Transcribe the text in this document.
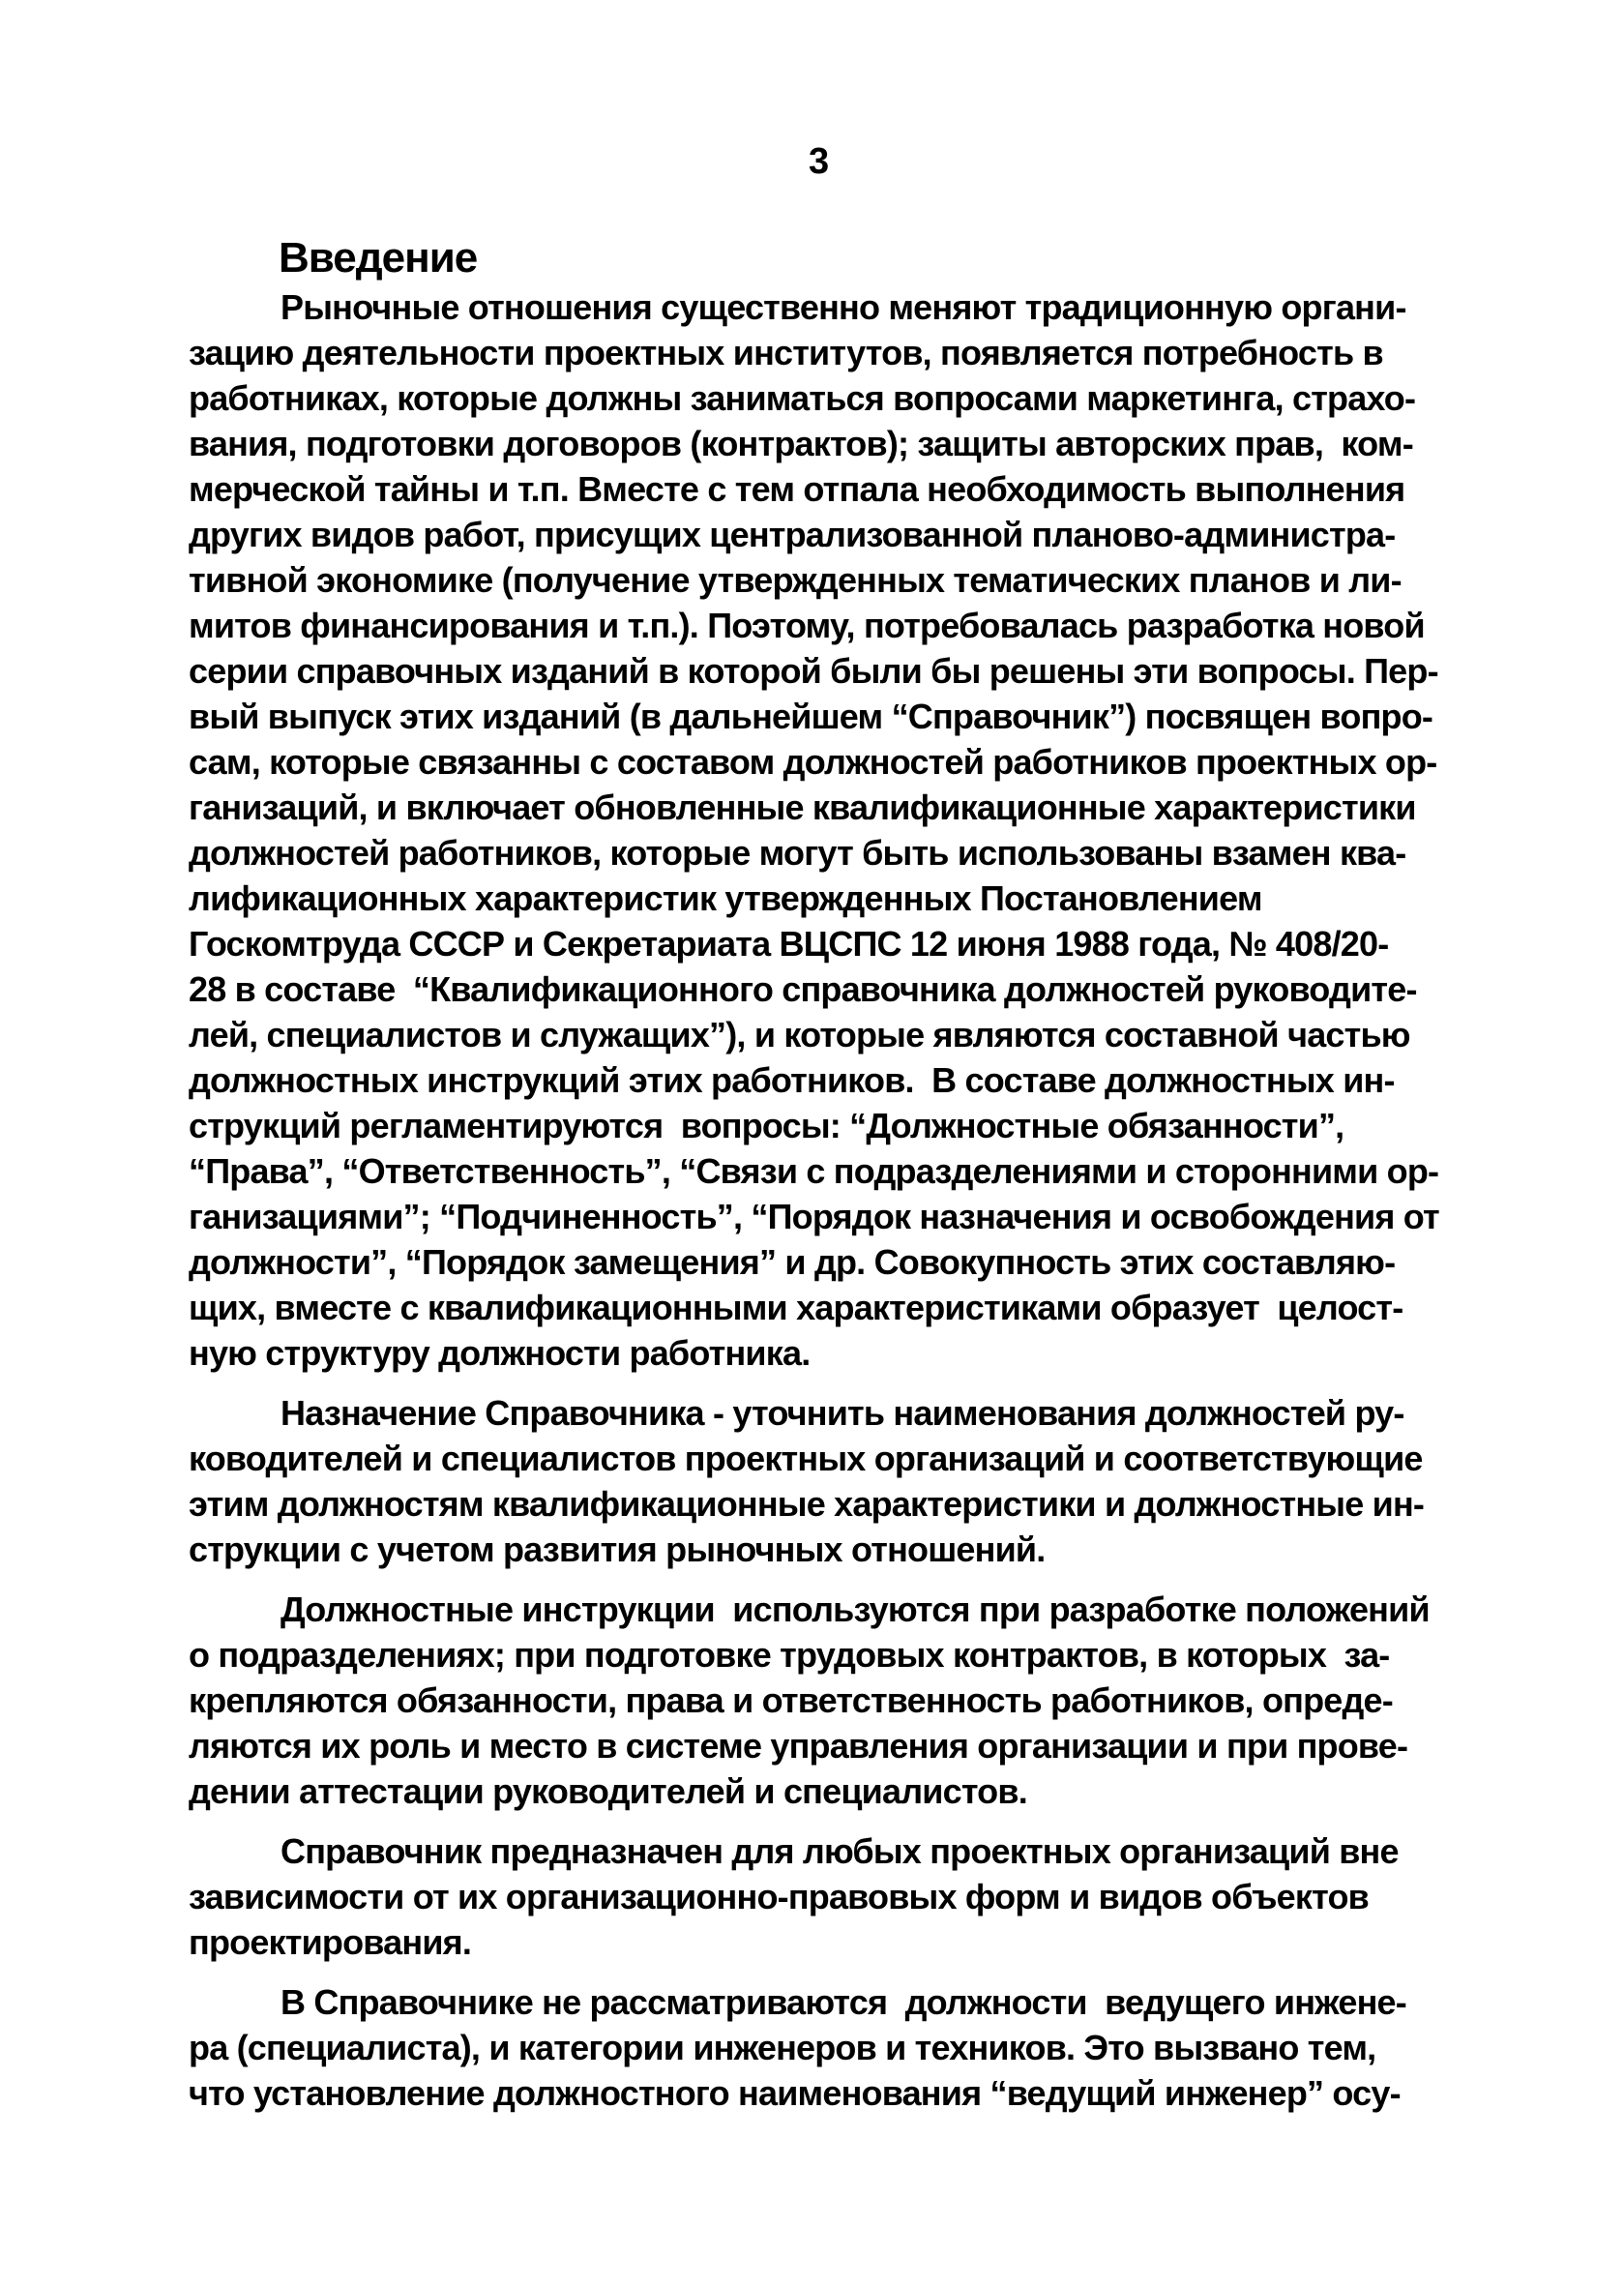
3
Введение
Рыночные отношения существенно меняют традиционную органи-
зацию деятельности проектных институтов, появляется потребность в
работниках, которые должны заниматься вопросами маркетинга, страхо-
вания, подготовки договоров (контрактов); защиты авторских прав,  ком-
мерческой тайны и т.п. Вместе с тем отпала необходимость выполнения
других видов работ, присущих централизованной планово-администра-
тивной экономике (получение утвержденных тематических планов и ли-
митов финансирования и т.п.). Поэтому, потребовалась разработка новой
серии справочных изданий в которой были бы решены эти вопросы. Пер-
вый выпуск этих изданий (в дальнейшем “Справочник”) посвящен вопро-
сам, которые связанны с составом должностей работников проектных ор-
ганизаций, и включает обновленные квалификационные характеристики
должностей работников, которые могут быть использованы взамен ква-
лификационных характеристик утвержденных Постановлением
Госкомтруда СССР и Секретариата ВЦСПС 12 июня 1988 года, № 408/20-
28 в составе  “Квалификационного справочника должностей руководите-
лей, специалистов и служащих”), и которые являются составной частью
должностных инструкций этих работников.  В составе должностных ин-
струкций регламентируются  вопросы: “Должностные обязанности”,
“Права”, “Ответственность”, “Связи с подразделениями и сторонними ор-
ганизациями”; “Подчиненность”, “Порядок назначения и освобождения от
должности”, “Порядок замещения” и др. Совокупность этих составляю-
щих, вместе с квалификационными характеристиками образует  целост-
ную структуру должности работника.
Назначение Справочника - уточнить наименования должностей ру-
ководителей и специалистов проектных организаций и соответствующие
этим должностям квалификационные характеристики и должностные ин-
струкции с учетом развития рыночных отношений.
Должностные инструкции  используются при разработке положений
о подразделениях; при подготовке трудовых контрактов, в которых  за-
крепляются обязанности, права и ответственность работников, опреде-
ляются их роль и место в системе управления организации и при прове-
дении аттестации руководителей и специалистов.
Справочник предназначен для любых проектных организаций вне
зависимости от их организационно-правовых форм и видов объектов
проектирования.
В Справочнике не рассматриваются  должности  ведущего инжене-
ра (специалиста), и категории инженеров и техников. Это вызвано тем,
что установление должностного наименования “ведущий инженер” осу-
